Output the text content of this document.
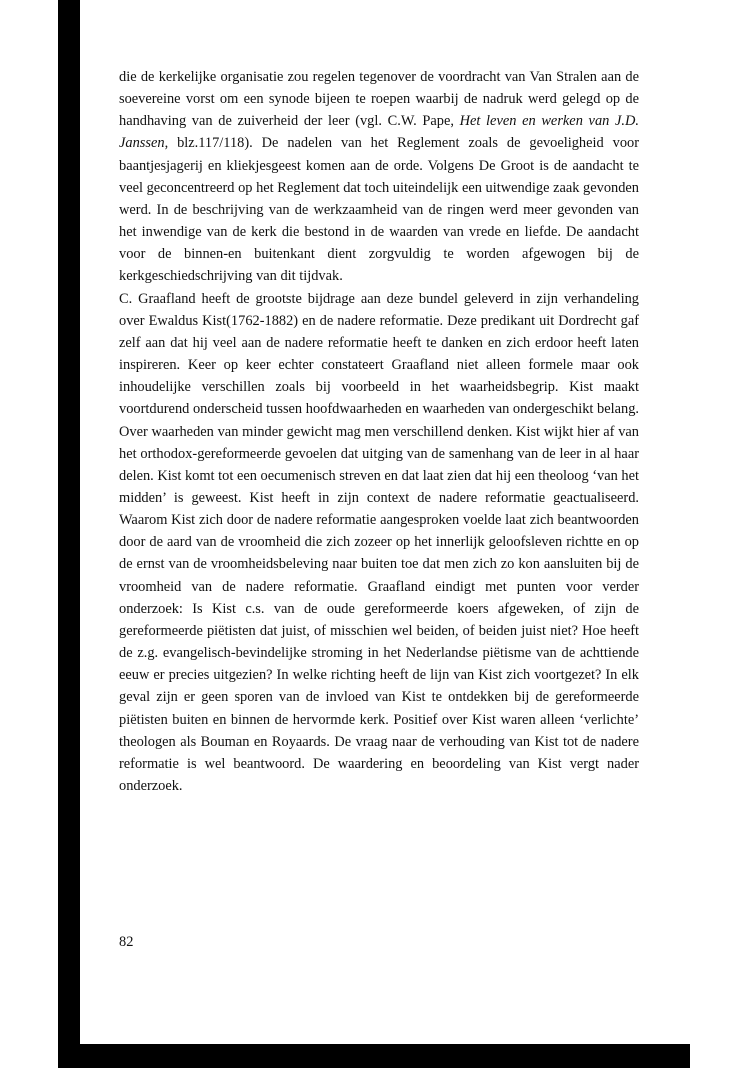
die de kerkelijke organisatie zou regelen tegenover de voordracht van Van Stralen aan de soevereine vorst om een synode bijeen te roepen waarbij de nadruk werd gelegd op de handhaving van de zuiverheid der leer (vgl. C.W. Pape, Het leven en werken van J.D. Janssen, blz.117/118). De nadelen van het Reglement zoals de gevoeligheid voor baantjesjagerij en kliekjesgeest komen aan de orde. Volgens De Groot is de aandacht te veel geconcentreerd op het Reglement dat toch uiteindelijk een uitwendige zaak gevonden werd. In de beschrijving van de werkzaamheid van de ringen werd meer gevonden van het inwendige van de kerk die bestond in de waarden van vrede en liefde. De aandacht voor de binnen-en buitenkant dient zorgvuldig te worden afgewogen bij de kerkgeschiedschrijving van dit tijdvak.

C. Graafland heeft de grootste bijdrage aan deze bundel geleverd in zijn verhandeling over Ewaldus Kist(1762-1882) en de nadere reformatie. Deze predikant uit Dordrecht gaf zelf aan dat hij veel aan de nadere reformatie heeft te danken en zich erdoor heeft laten inspireren. Keer op keer echter constateert Graafland niet alleen formele maar ook inhoudelijke verschillen zoals bij voorbeeld in het waarheidsbegrip. Kist maakt voortdurend onderscheid tussen hoofdwaarheden en waarheden van ondergeschikt belang. Over waarheden van minder gewicht mag men verschillend denken. Kist wijkt hier af van het orthodox-gereformeerde gevoelen dat uitging van de samenhang van de leer in al haar delen. Kist komt tot een oecumenisch streven en dat laat zien dat hij een theoloog ‘van het midden’ is geweest. Kist heeft in zijn context de nadere reformatie geactualiseerd. Waarom Kist zich door de nadere reformatie aangesproken voelde laat zich beantwoorden door de aard van de vroomheid die zich zozeer op het innerlijk geloofsleven richtte en op de ernst van de vroomheidsbeleving naar buiten toe dat men zich zo kon aansluiten bij de vroomheid van de nadere reformatie. Graafland eindigt met punten voor verder onderzoek: Is Kist c.s. van de oude gereformeerde koers afgeweken, of zijn de gereformeerde piëtisten dat juist, of misschien wel beiden, of beiden juist niet? Hoe heeft de z.g. evangelisch-bevindelijke stroming in het Nederlandse piëtisme van de achttiende eeuw er precies uitgezien? In welke richting heeft de lijn van Kist zich voortgezet? In elk geval zijn er geen sporen van de invloed van Kist te ontdekken bij de gereformeerde piëtisten buiten en binnen de hervormde kerk. Positief over Kist waren alleen ‘verlichte’ theologen als Bouman en Royaards. De vraag naar de verhouding van Kist tot de nadere reformatie is wel beantwoord. De waardering en beoordeling van Kist vergt nader onderzoek.

82
